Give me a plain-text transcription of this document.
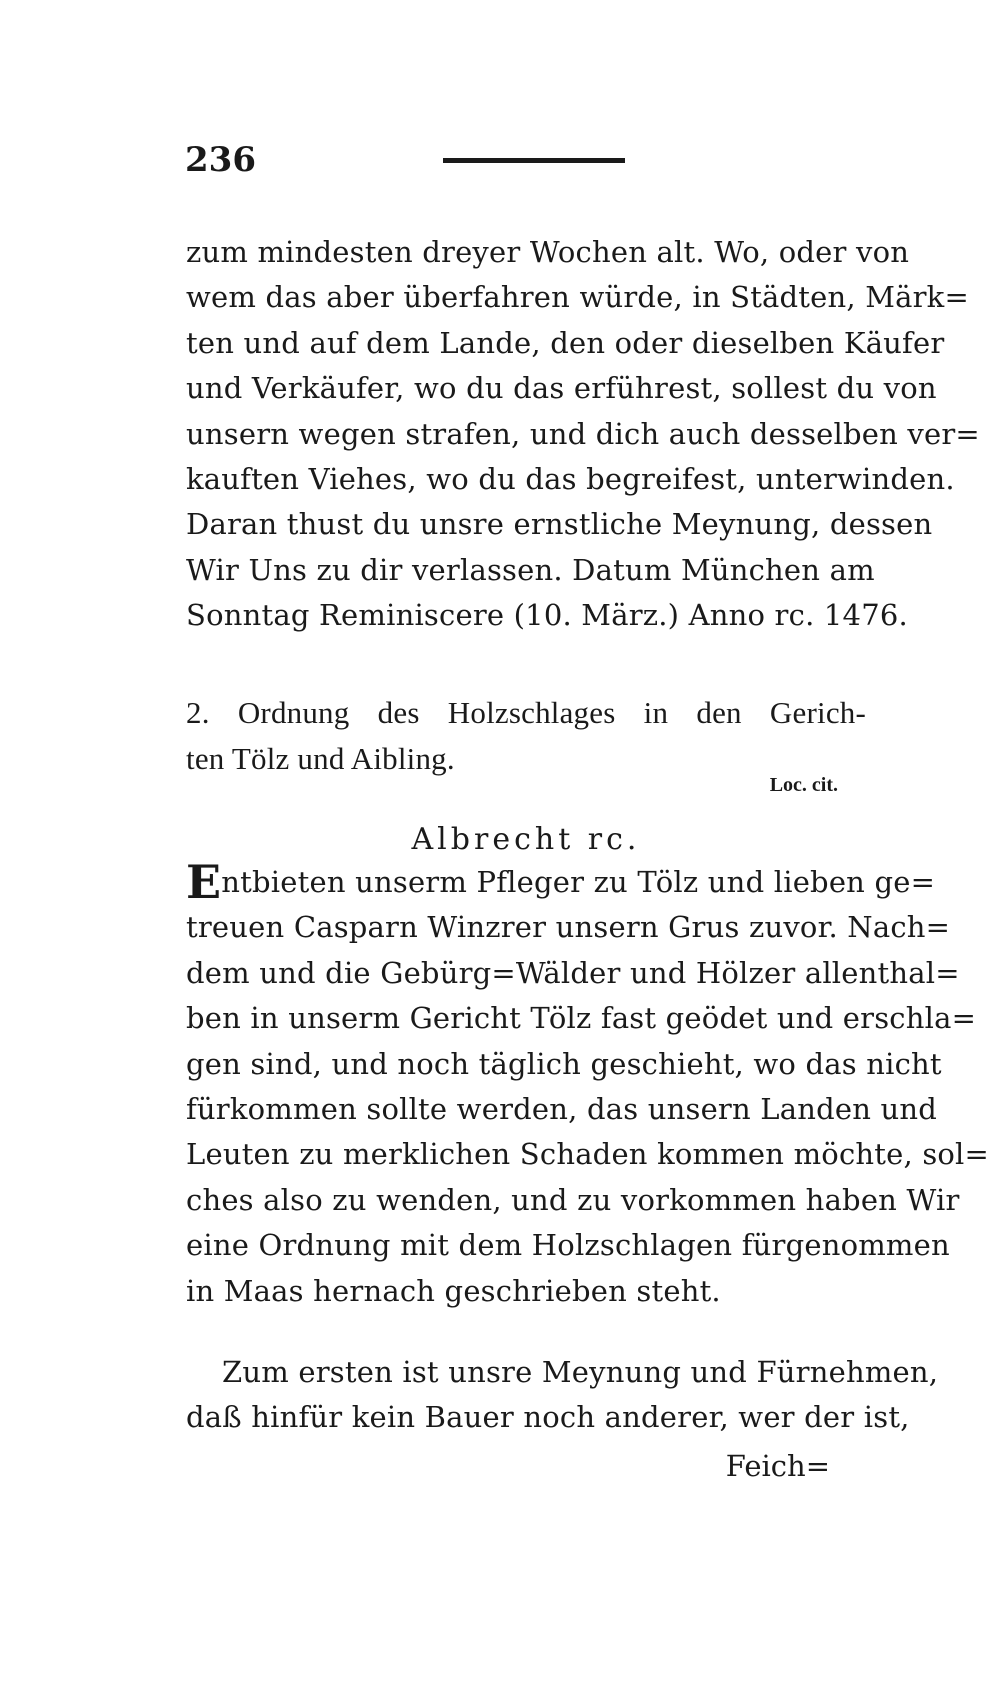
236
zum mindesten dreyer Wochen alt. Wo, oder von
wem das aber überfahren würde, in Städten, Märk=
ten und auf dem Lande, den oder dieselben Käufer
und Verkäufer, wo du das erführest, sollest du von
unsern wegen strafen, und dich auch desselben ver=
kauften Viehes, wo du das begreifest, unterwinden.
Daran thust du unsre ernstliche Meynung, dessen
Wir Uns zu dir verlassen. Datum München am
Sonntag Reminiscere (10. März.) Anno rc. 1476.
2. Ordnung des Holzschlages in den Gerich-
ten Tölz und Aibling.
Loc. cit.
Albrecht rc.
Entbieten unserm Pfleger zu Tölz und lieben ge=
treuen Casparn Winzrer unsern Grus zuvor. Nach=
dem und die Gebürg=Wälder und Hölzer allenthal=
ben in unserm Gericht Tölz fast geödet und erschla=
gen sind, und noch täglich geschieht, wo das nicht
fürkommen sollte werden, das unsern Landen und
Leuten zu merklichen Schaden kommen möchte, sol=
ches also zu wenden, und zu vorkommen haben Wir
eine Ordnung mit dem Holzschlagen fürgenommen
in Maas hernach geschrieben steht.
Zum ersten ist unsre Meynung und Fürnehmen,
daß hinfür kein Bauer noch anderer, wer der ist,
Feich=
